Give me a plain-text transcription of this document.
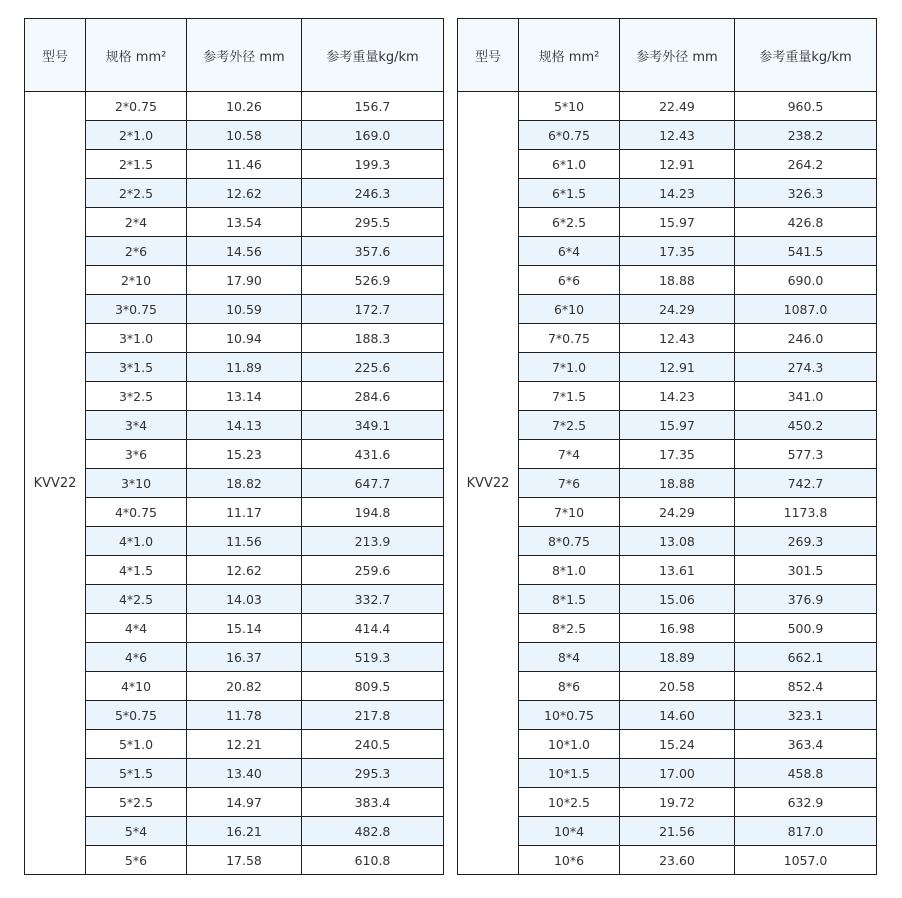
型号	规格 mm²	参考外径 mm	参考重量kg/km
KVV22	2*0.75	10.26	156.7
	2*1.0	10.58	169.0
	2*1.5	11.46	199.3
	2*2.5	12.62	246.3
	2*4	13.54	295.5
	2*6	14.56	357.6
	2*10	17.90	526.9
	3*0.75	10.59	172.7
	3*1.0	10.94	188.3
	3*1.5	11.89	225.6
	3*2.5	13.14	284.6
	3*4	14.13	349.1
	3*6	15.23	431.6
	3*10	18.82	647.7
	4*0.75	11.17	194.8
	4*1.0	11.56	213.9
	4*1.5	12.62	259.6
	4*2.5	14.03	332.7
	4*4	15.14	414.4
	4*6	16.37	519.3
	4*10	20.82	809.5
	5*0.75	11.78	217.8
	5*1.0	12.21	240.5
	5*1.5	13.40	295.3
	5*2.5	14.97	383.4
	5*4	16.21	482.8
	5*6	17.58	610.8
型号	规格 mm²	参考外径 mm	参考重量kg/km
KVV22	5*10	22.49	960.5
	6*0.75	12.43	238.2
	6*1.0	12.91	264.2
	6*1.5	14.23	326.3
	6*2.5	15.97	426.8
	6*4	17.35	541.5
	6*6	18.88	690.0
	6*10	24.29	1087.0
	7*0.75	12.43	246.0
	7*1.0	12.91	274.3
	7*1.5	14.23	341.0
	7*2.5	15.97	450.2
	7*4	17.35	577.3
	7*6	18.88	742.7
	7*10	24.29	1173.8
	8*0.75	13.08	269.3
	8*1.0	13.61	301.5
	8*1.5	15.06	376.9
	8*2.5	16.98	500.9
	8*4	18.89	662.1
	8*6	20.58	852.4
	10*0.75	14.60	323.1
	10*1.0	15.24	363.4
	10*1.5	17.00	458.8
	10*2.5	19.72	632.9
	10*4	21.56	817.0
	10*6	23.60	1057.0
